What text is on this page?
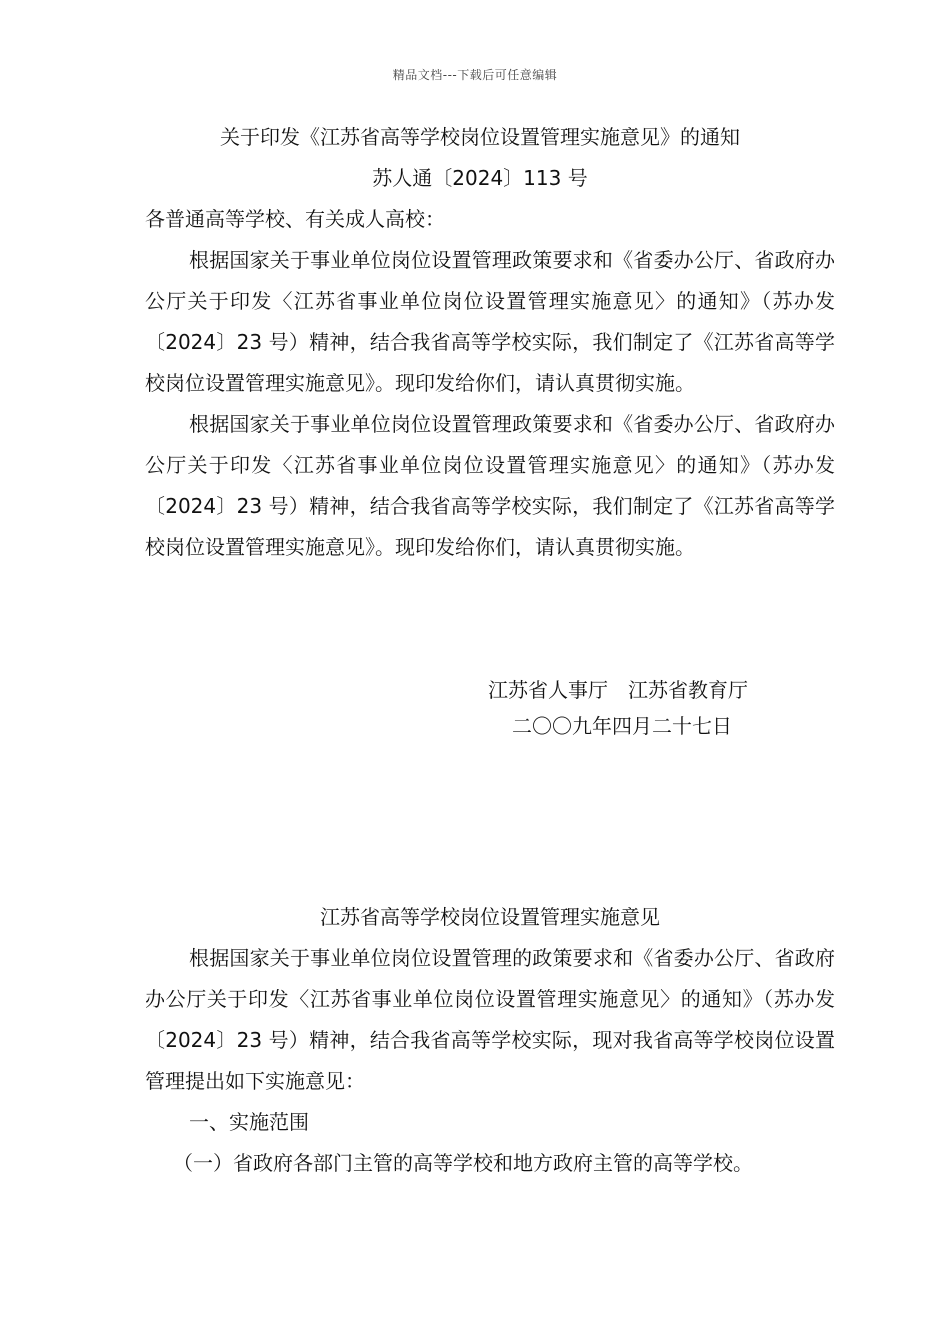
精品文档---下载后可任意编辑
关于印发《江苏省高等学校岗位设置管理实施意见》的通知
苏人通〔2024〕113 号
各普通高等学校、有关成人高校：
根据国家关于事业单位岗位设置管理政策要求和《省委办公厅、省政府办公厅关于印发〈江苏省事业单位岗位设置管理实施意见〉的通知》（苏办发〔2024〕23 号）精神，结合我省高等学校实际，我们制定了《江苏省高等学校岗位设置管理实施意见》。现印发给你们，请认真贯彻实施。
根据国家关于事业单位岗位设置管理政策要求和《省委办公厅、省政府办公厅关于印发〈江苏省事业单位岗位设置管理实施意见〉的通知》（苏办发〔2024〕23 号）精神，结合我省高等学校实际，我们制定了《江苏省高等学校岗位设置管理实施意见》。现印发给你们，请认真贯彻实施。
江苏省人事厅　江苏省教育厅
二〇〇九年四月二十七日
江苏省高等学校岗位设置管理实施意见
根据国家关于事业单位岗位设置管理的政策要求和《省委办公厅、省政府办公厅关于印发〈江苏省事业单位岗位设置管理实施意见〉的通知》（苏办发〔2024〕23 号）精神，结合我省高等学校实际，现对我省高等学校岗位设置管理提出如下实施意见：
一、实施范围
（一）省政府各部门主管的高等学校和地方政府主管的高等学校。
